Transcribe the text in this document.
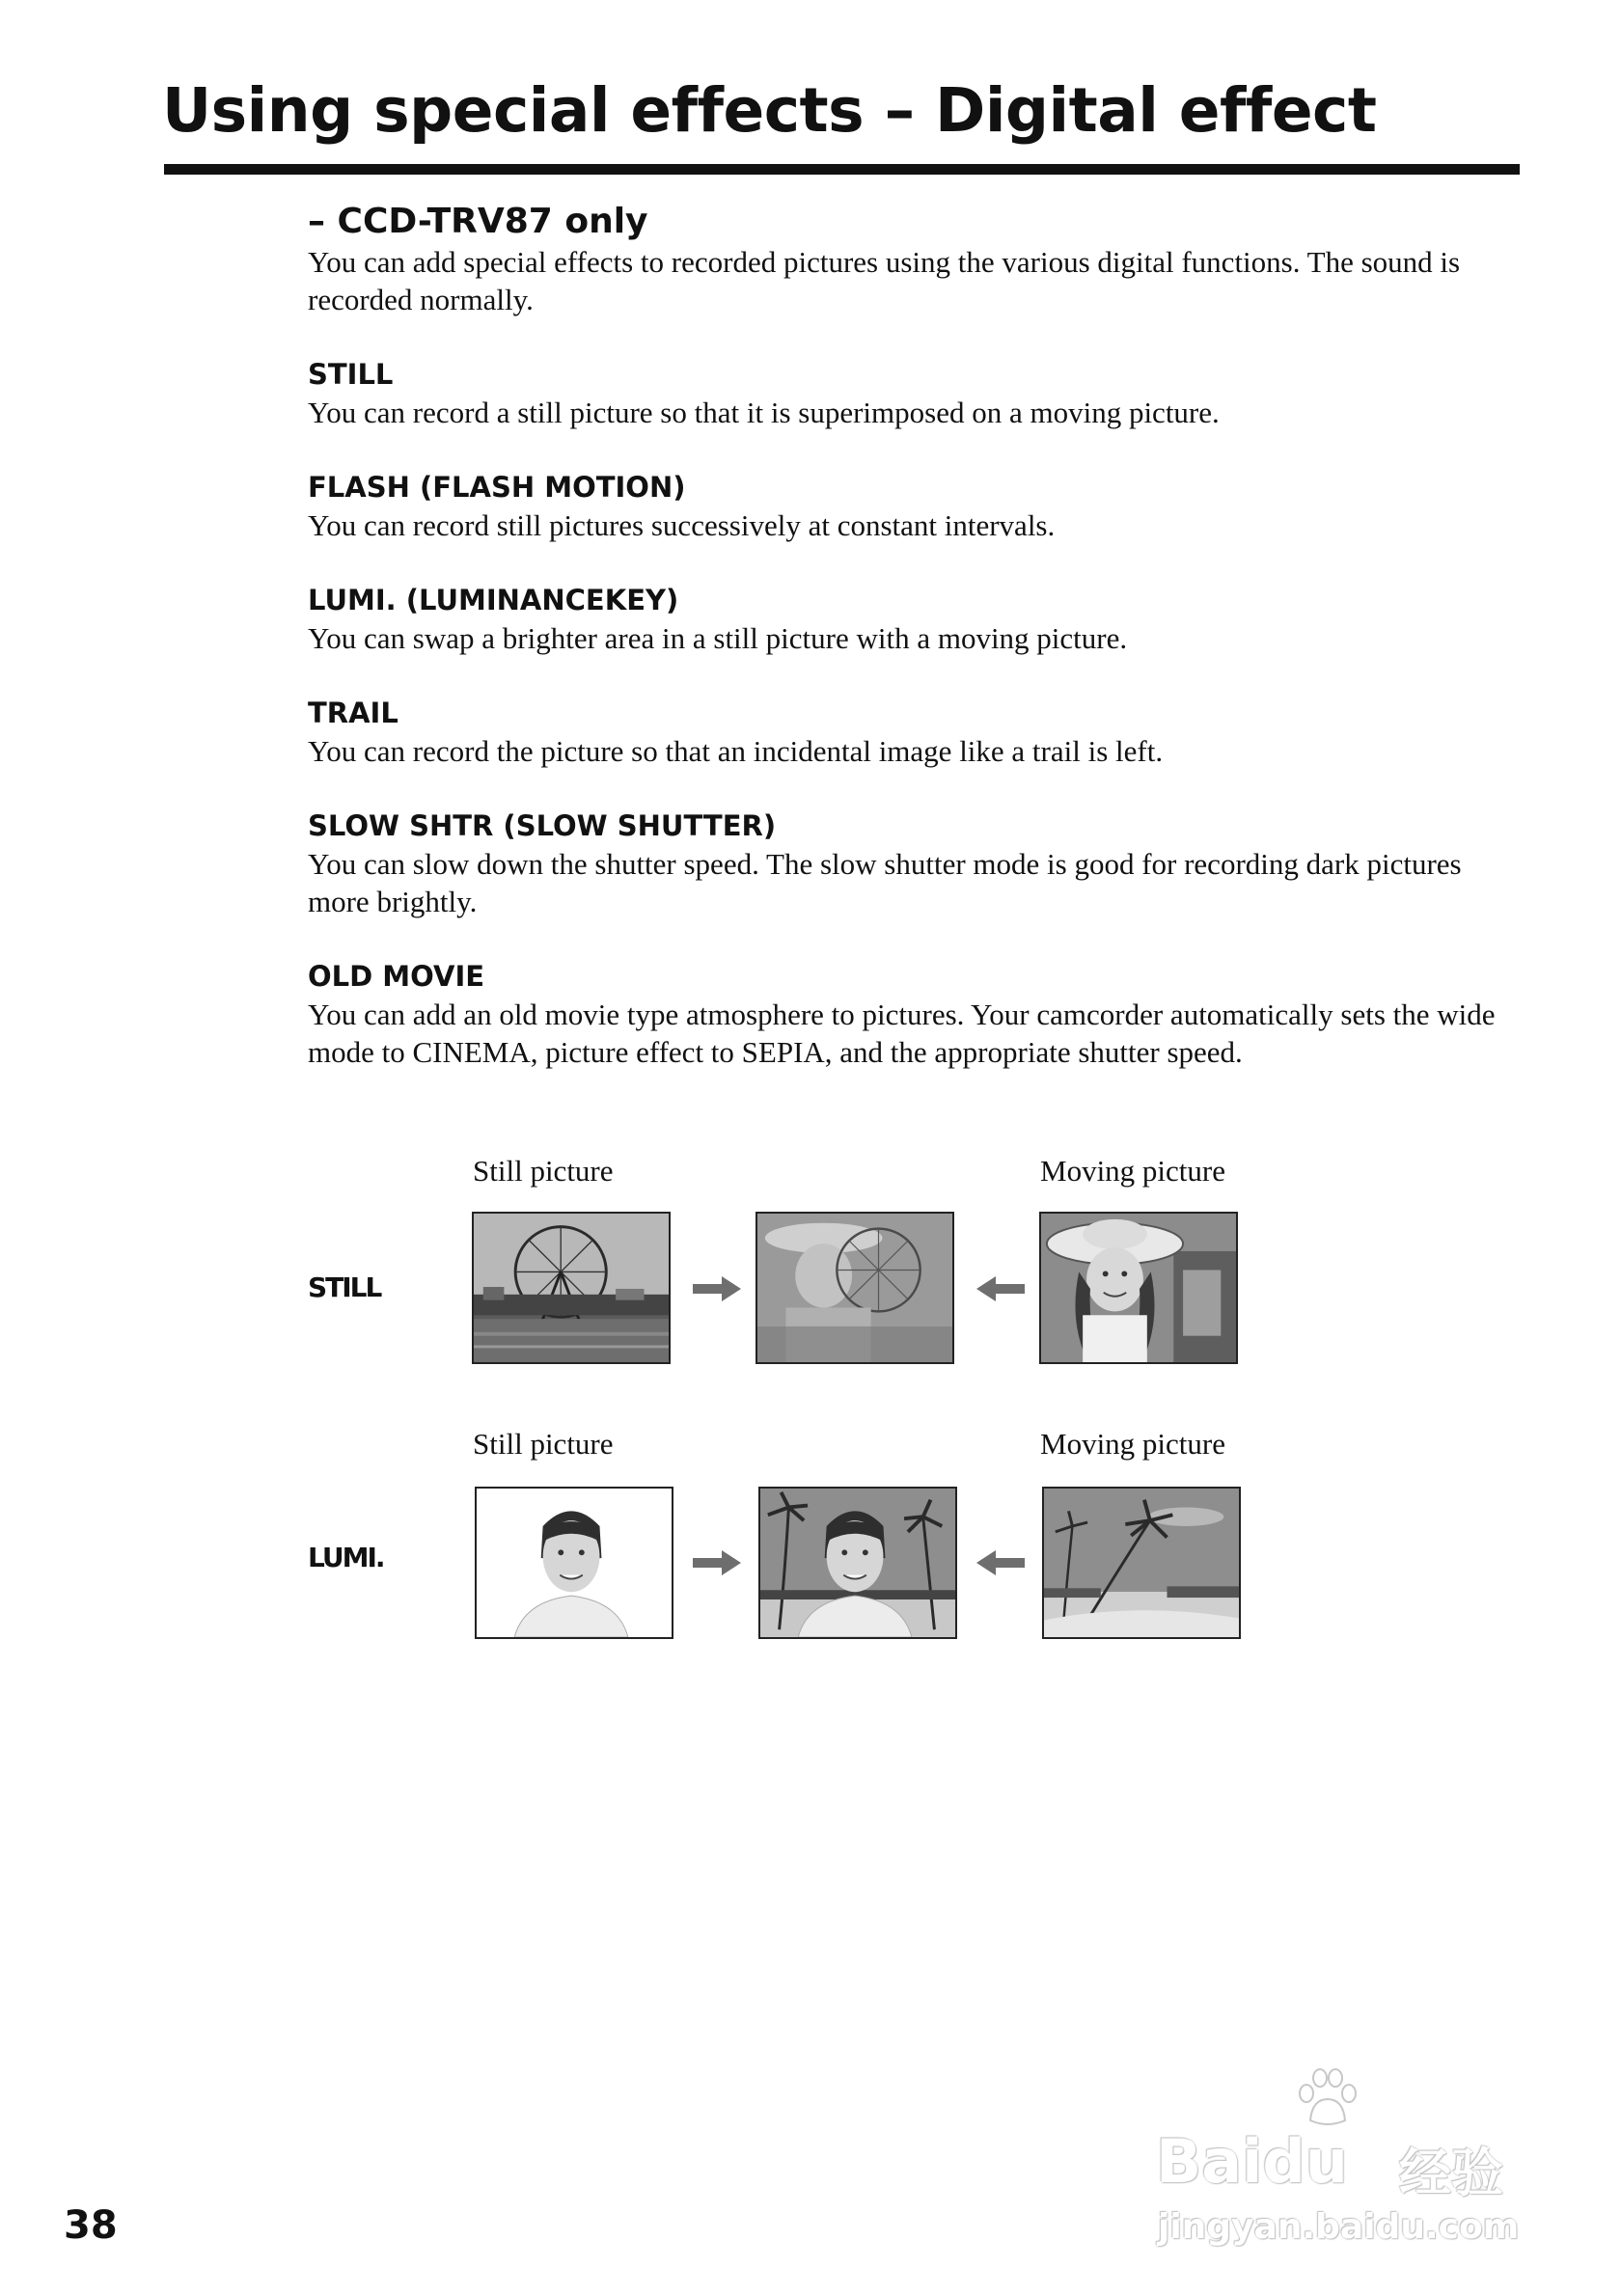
Using special effects – Digital effect

– CCD-TRV87 only

You can add special effects to recorded pictures using the various digital functions. The sound is recorded normally.

STILL

You can record a still picture so that it is superimposed on a moving picture.

FLASH (FLASH MOTION)

You can record still pictures successively at constant intervals.

LUMI. (LUMINANCEKEY)

You can swap a brighter area in a still picture with a moving picture.

TRAIL

You can record the picture so that an incidental image like a trail is left.

SLOW SHTR (SLOW SHUTTER)

You can slow down the shutter speed. The slow shutter mode is good for recording dark pictures more brightly.

OLD MOVIE

You can add an old movie type atmosphere to pictures. Your camcorder automatically sets the wide mode to CINEMA, picture effect to SEPIA, and the appropriate shutter speed.

Still picture	Moving picture
STILL
Still picture	Moving picture
LUMI.
38
Baidu 经验
jingyan.baidu.com
